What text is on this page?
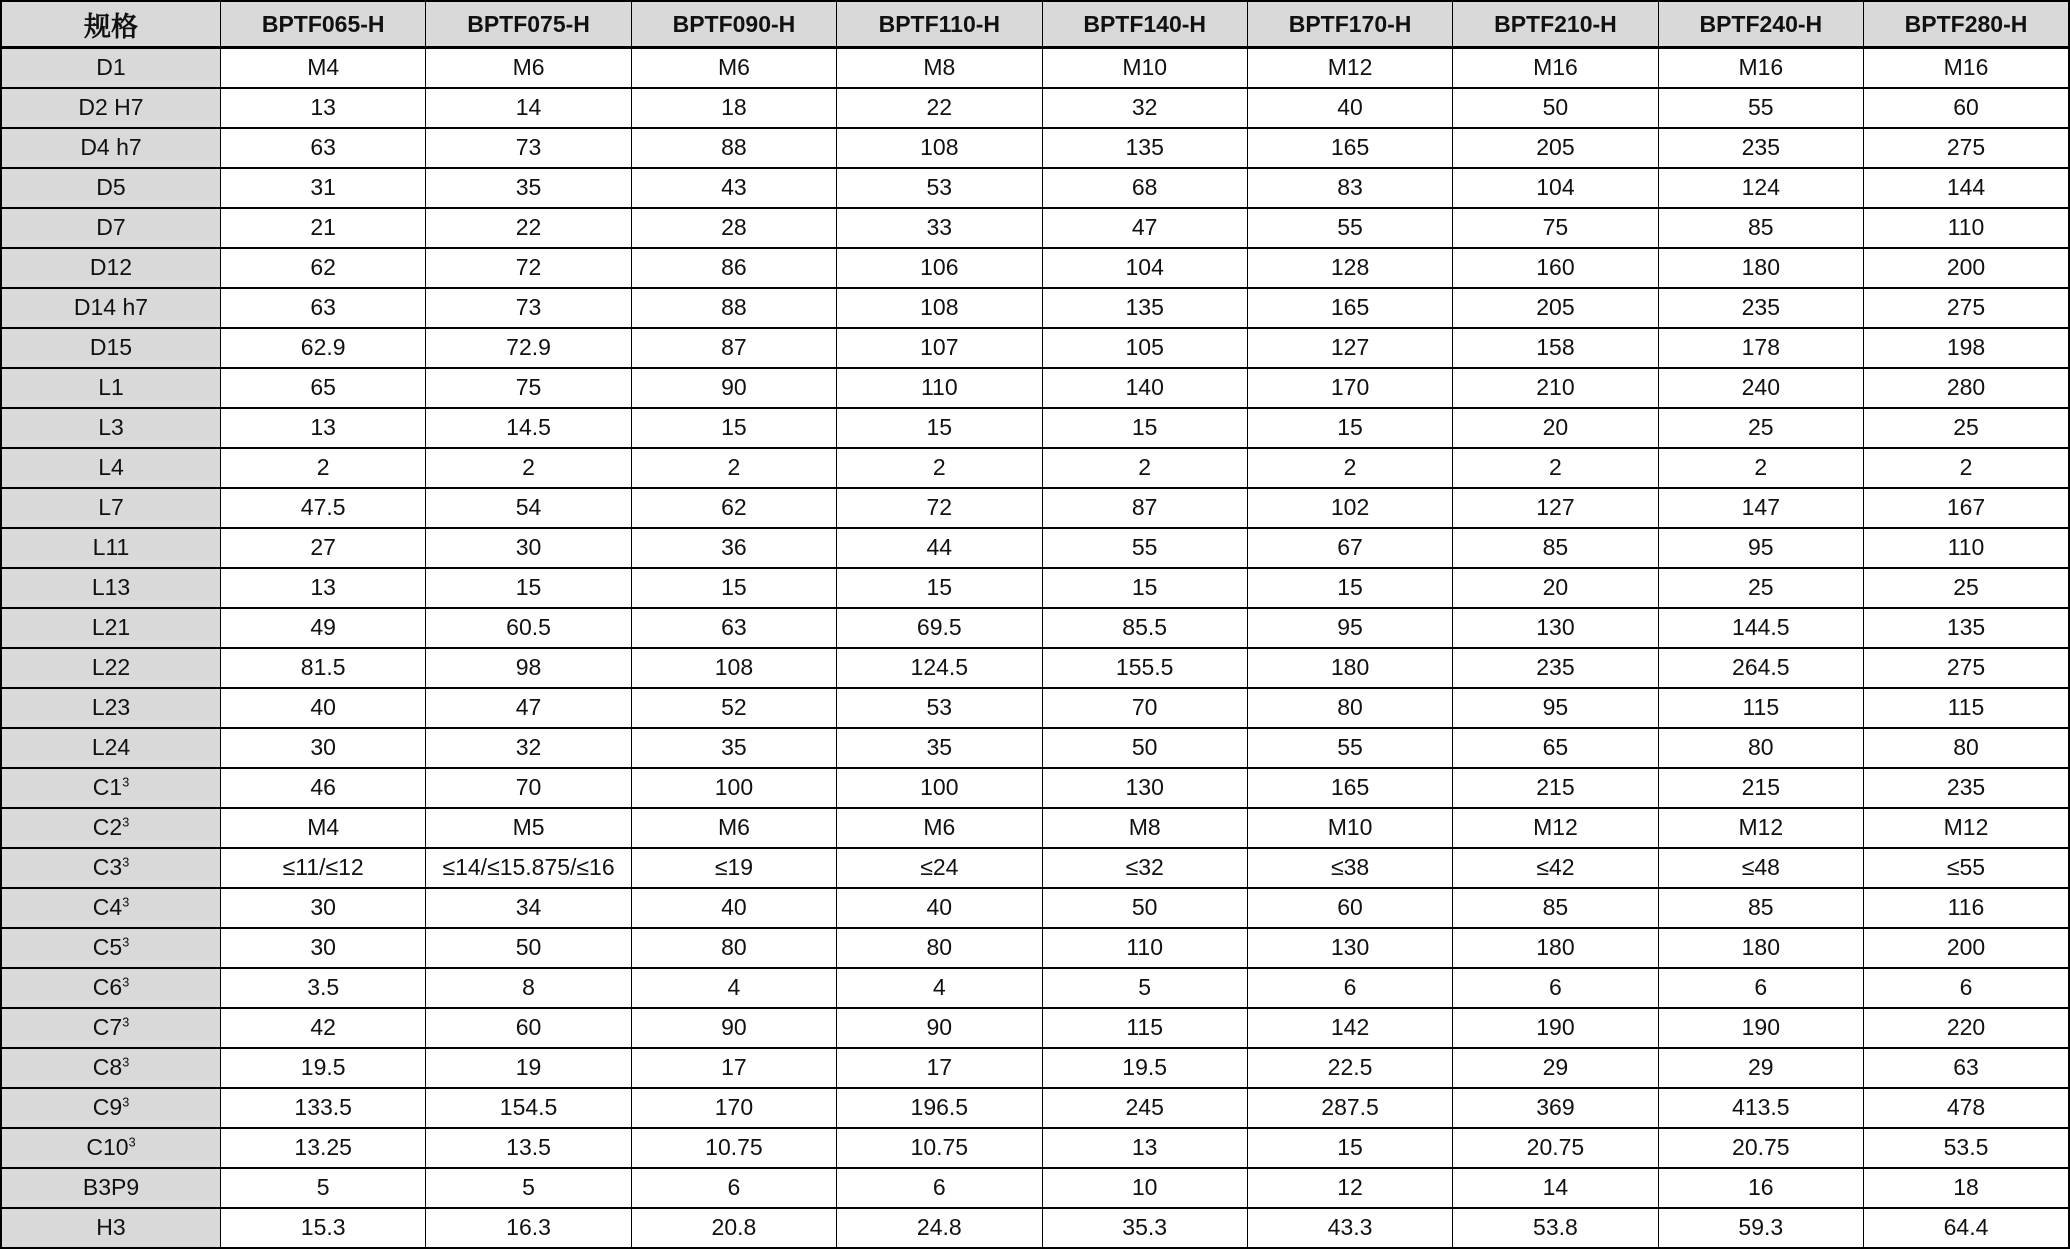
规格	BPTF065-H	BPTF075-H	BPTF090-H	BPTF110-H	BPTF140-H	BPTF170-H	BPTF210-H	BPTF240-H	BPTF280-H
D1	M4	M6	M6	M8	M10	M12	M16	M16	M16
D2 H7	13	14	18	22	32	40	50	55	60
D4 h7	63	73	88	108	135	165	205	235	275
D5	31	35	43	53	68	83	104	124	144
D7	21	22	28	33	47	55	75	85	110
D12	62	72	86	106	104	128	160	180	200
D14 h7	63	73	88	108	135	165	205	235	275
D15	62.9	72.9	87	107	105	127	158	178	198
L1	65	75	90	110	140	170	210	240	280
L3	13	14.5	15	15	15	15	20	25	25
L4	2	2	2	2	2	2	2	2	2
L7	47.5	54	62	72	87	102	127	147	167
L11	27	30	36	44	55	67	85	95	110
L13	13	15	15	15	15	15	20	25	25
L21	49	60.5	63	69.5	85.5	95	130	144.5	135
L22	81.5	98	108	124.5	155.5	180	235	264.5	275
L23	40	47	52	53	70	80	95	115	115
L24	30	32	35	35	50	55	65	80	80
$C1^3$	46	70	100	100	130	165	215	215	235
$C2^3$	M4	M5	M6	M6	M8	M10	M12	M12	M12
$C3^3$	≤11/≤12	≤14/≤15.875/≤16	≤19	≤24	≤32	≤38	≤42	≤48	≤55
$C4^3$	30	34	40	40	50	60	85	85	116
$C5^3$	30	50	80	80	110	130	180	180	200
$C6^3$	3.5	8	4	4	5	6	6	6	6
$C7^3$	42	60	90	90	115	142	190	190	220
$C8^3$	19.5	19	17	17	19.5	22.5	29	29	63
$C9^3$	133.5	154.5	170	196.5	245	287.5	369	413.5	478
$C10^3$	13.25	13.5	10.75	10.75	13	15	20.75	20.75	53.5
B3P9	5	5	6	6	10	12	14	16	18
H3	15.3	16.3	20.8	24.8	35.3	43.3	53.8	59.3	64.4
